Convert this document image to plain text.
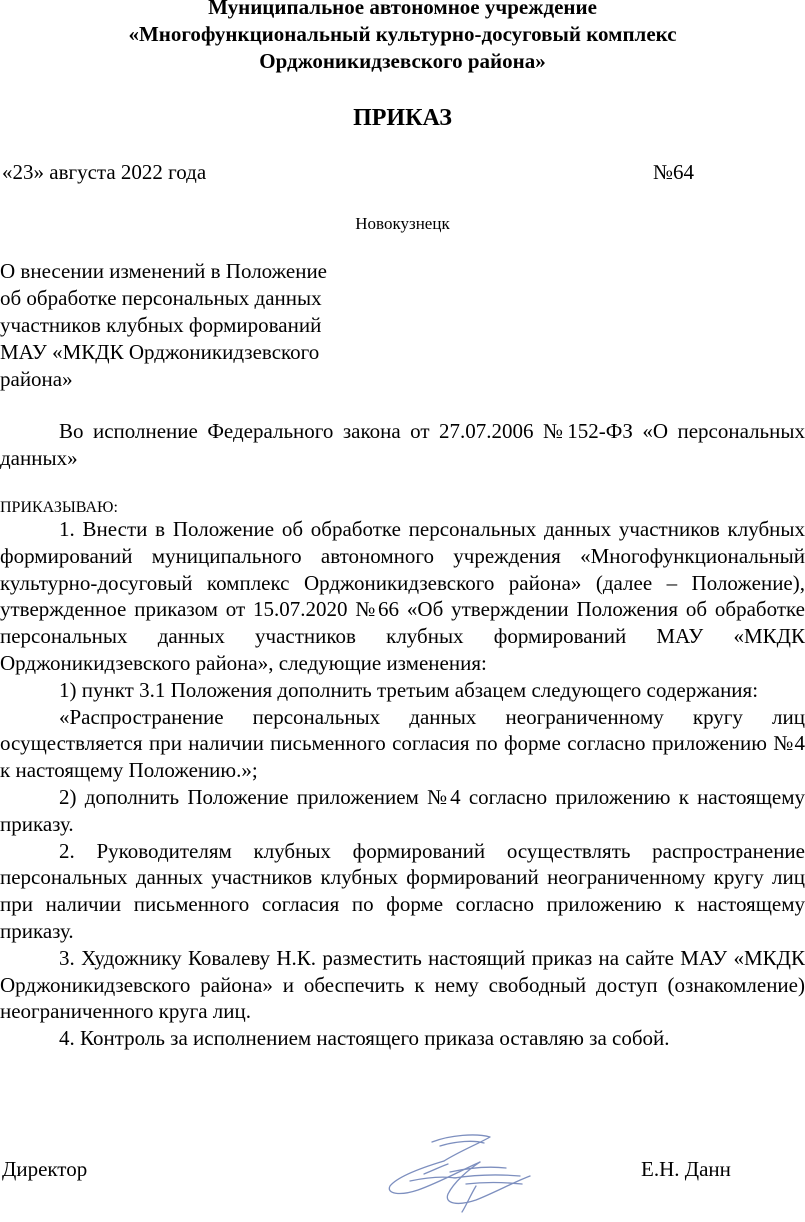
Муниципальное автономное учреждение
«Многофункциональный культурно-досуговый комплекс
Орджоникидзевского района»
ПРИКАЗ
«23» августа 2022 года	№64
Новокузнецк
О внесении изменений в Положение
об обработке персональных данных
участников клубных формирований
МАУ «МКДК Орджоникидзевского
района»
Во исполнение Федерального закона от 27.07.2006 №152-ФЗ «О персональных данных»
ПРИКАЗЫВАЮ:

1. Внести в Положение об обработке персональных данных участников клубных формирований муниципального автономного учреждения «Многофункциональный культурно-досуговый комплекс Орджоникидзевского района» (далее – Положение), утвержденное приказом от 15.07.2020 №66 «Об утверждении Положения об обработке персональных данных участников клубных формирований МАУ «МКДК Орджоникидзевского района», следующие изменения:

1) пункт 3.1 Положения дополнить третьим абзацем следующего содержания:

«Распространение персональных данных неограниченному кругу лиц осуществляется при наличии письменного согласия по форме согласно приложению №4 к настоящему Положению.»;

2) дополнить Положение приложением №4 согласно приложению к настоящему приказу.

2. Руководителям клубных формирований осуществлять распространение персональных данных участников клубных формирований неограниченному кругу лиц при наличии письменного согласия по форме согласно приложению к настоящему приказу.

3. Художнику Ковалеву Н.К. разместить настоящий приказ на сайте МАУ «МКДК Орджоникидзевского района» и обеспечить к нему свободный доступ (ознакомление) неограниченного круга лиц.

4. Контроль за исполнением настоящего приказа оставляю за собой.

Директор	Е.Н. Данн
